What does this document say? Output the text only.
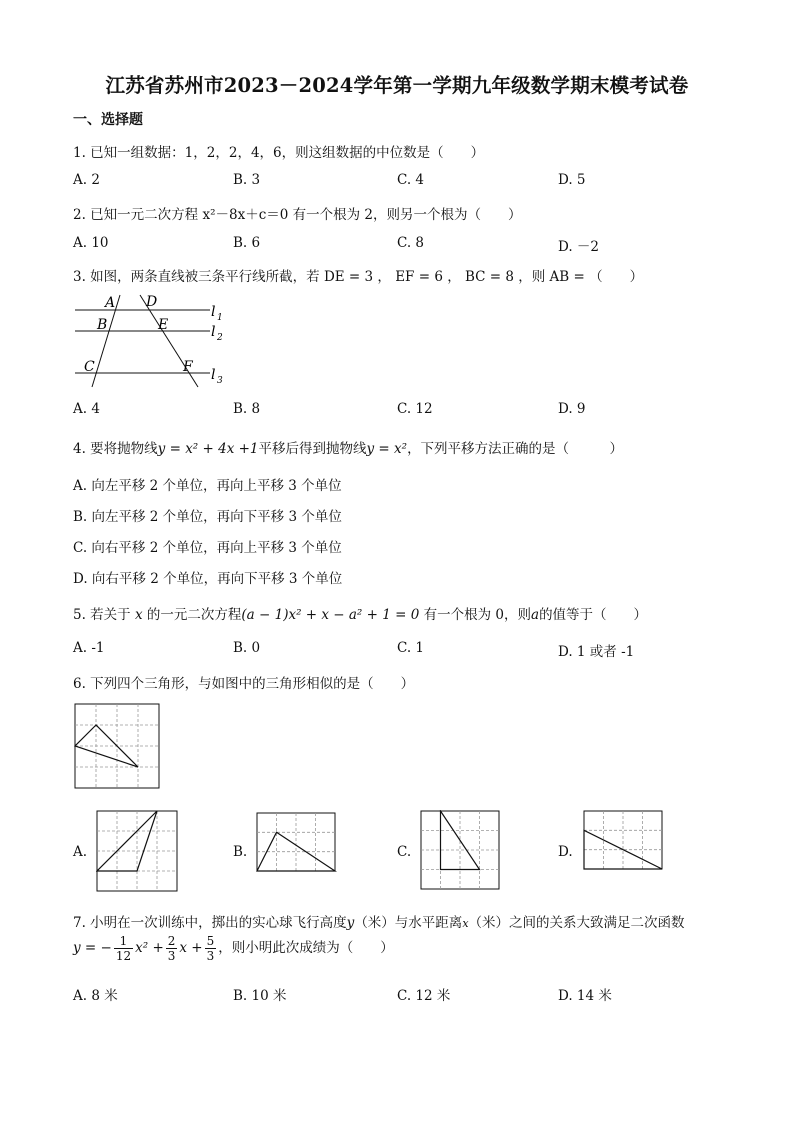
江苏省苏州市2023－2024学年第一学期九年级数学期末模考试卷
一、选择题
1. 已知一组数据：1，2，2，4，6，则这组数据的中位数是（　　）
A. 2	B. 3	C. 4	D. 5
2. 已知一元二次方程 x²－8x＋c＝0 有一个根为 2，则另一个根为（　　）
A. 10	B. 6	C. 8	D. －2
3. 如图，两条直线被三条平行线所截，若 DE = 3 ， EF = 6 ， BC = 8 ，则 AB = （　　）
A D
B	E
C	F
l 1
l 2
l 3
A. 4	B. 8	C. 12	D. 9
4. 要将抛物线y = x² + 4x +1平移后得到抛物线y = x²，下列平移方法正确的是（　　　）
A. 向左平移 2 个单位，再向上平移 3 个单位
B. 向左平移 2 个单位，再向下平移 3 个单位
C. 向右平移 2 个单位，再向上平移 3 个单位
D. 向右平移 2 个单位，再向下平移 3 个单位
5. 若关于 x 的一元二次方程(a − 1)x² + x − a² + 1 = 0 有一个根为 0，则a的值等于（　　）
A. -1	B. 0	C. 1	D. 1 或者 -1
6. 下列四个三角形，与如图中的三角形相似的是（　　）
A.	B.	C.	D.
7. 小明在一次训练中，掷出的实心球飞行高度y（米）与水平距离x（米）之间的关系大致满足二次函数
y = − $\frac{1}{12} x^2 + \frac{2}{3}$ $x + \frac{5}{3}$ ，则小明此次成绩为（　　）
A. 8 米	B. 10 米	C. 12 米	D. 14 米
